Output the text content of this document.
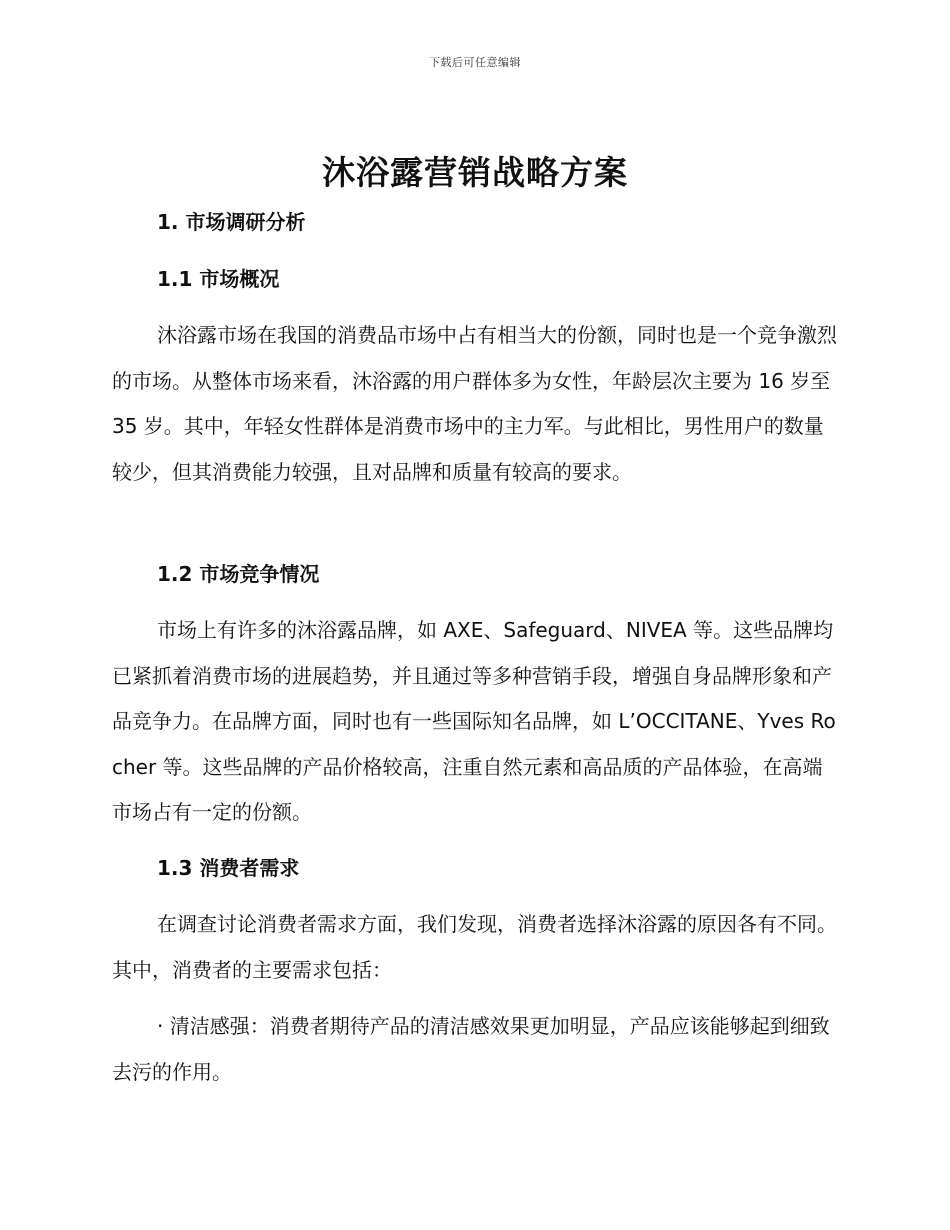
下载后可任意编辑
沐浴露营销战略方案
1. 市场调研分析
1.1 市场概况

沐浴露市场在我国的消费品市场中占有相当大的份额，同时也是一个竞争激烈的市场。从整体市场来看，沐浴露的用户群体多为女性，年龄层次主要为 16 岁至 35 岁。其中，年轻女性群体是消费市场中的主力军。与此相比，男性用户的数量较少，但其消费能力较强，且对品牌和质量有较高的要求。

1.2 市场竞争情况

市场上有许多的沐浴露品牌，如 AXE、Safeguard、NIVEA 等。这些品牌均已紧抓着消费市场的进展趋势，并且通过等多种营销手段，增强自身品牌形象和产品竞争力。在品牌方面，同时也有一些国际知名品牌，如 L’OCCITANE、Yves Rocher 等。这些品牌的产品价格较高，注重自然元素和高品质的产品体验，在高端市场占有一定的份额。

1.3 消费者需求

在调查讨论消费者需求方面，我们发现，消费者选择沐浴露的原因各有不同。其中，消费者的主要需求包括：

· 清洁感强：消费者期待产品的清洁感效果更加明显，产品应该能够起到细致去污的作用。
